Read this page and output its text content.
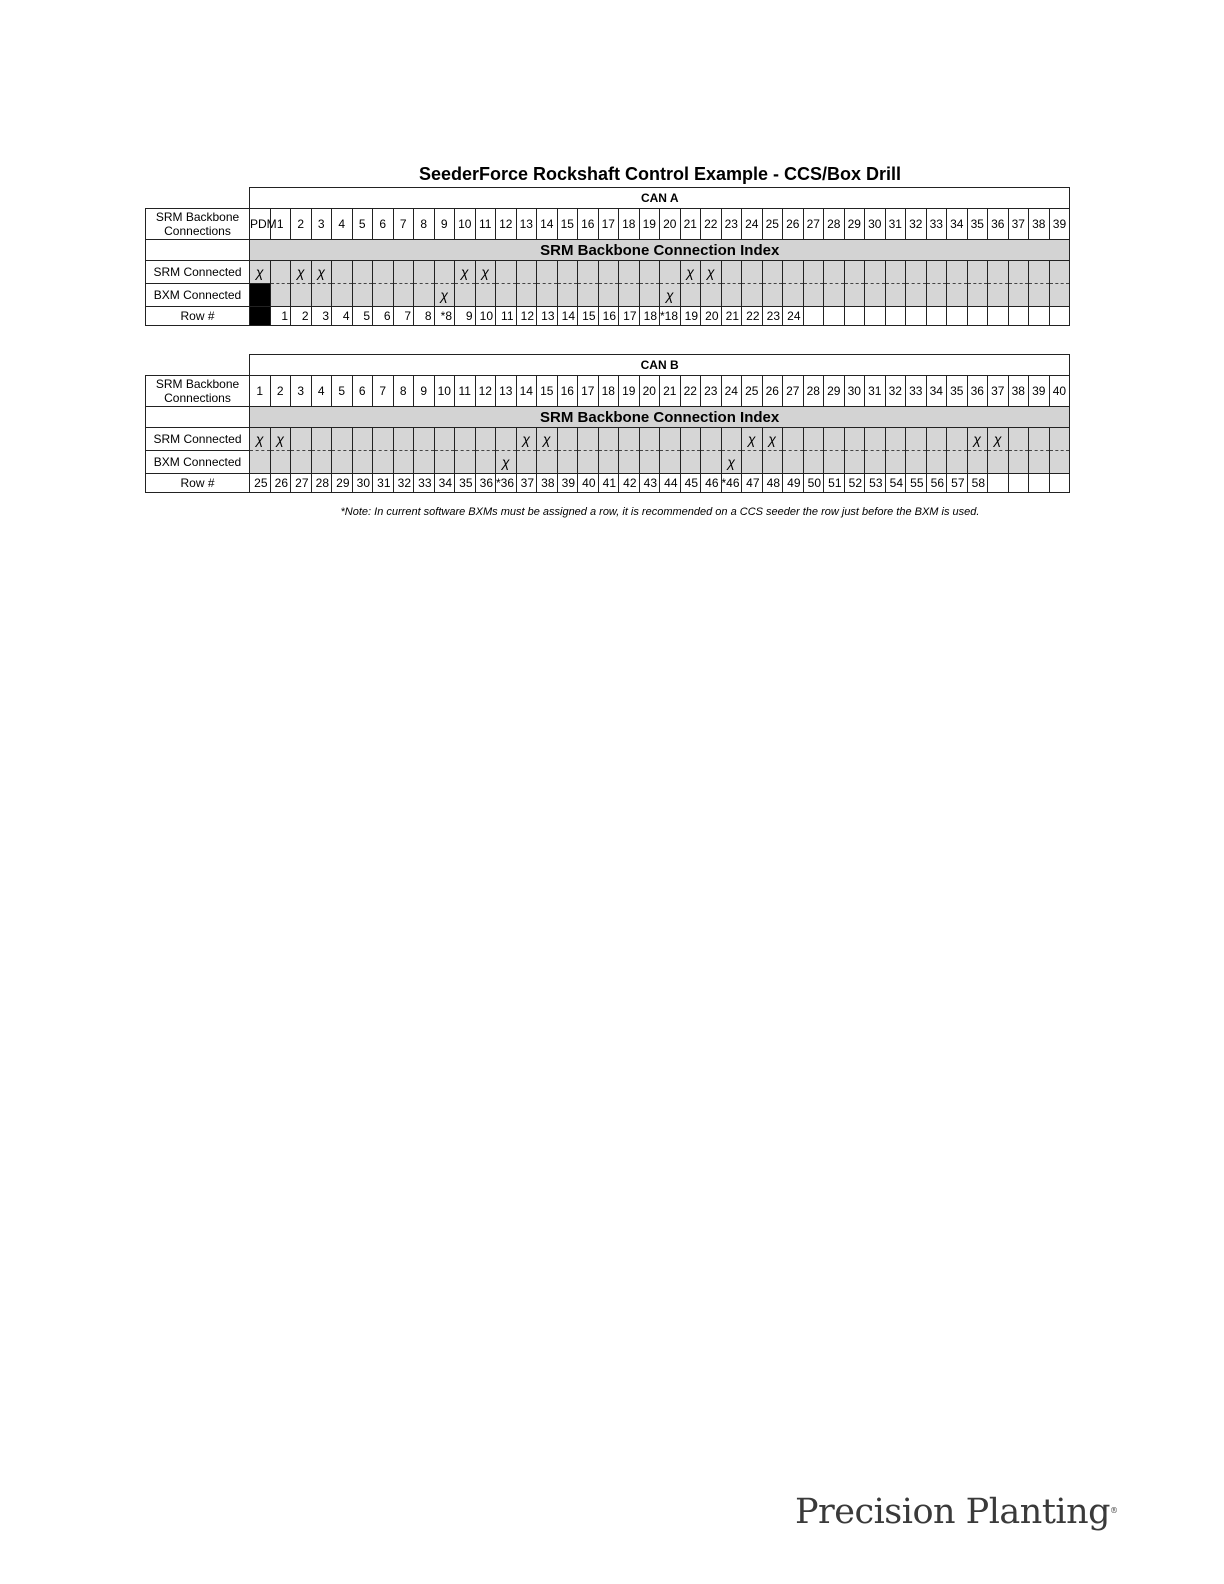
SeederForce Rockshaft Control Example - CCS/Box Drill
	CAN A																																							
SRM Backbone Connections	PDM	1	2	3	4	5	6	7	8	9	10	11	12	13	14	15	16	17	18	19	20	21	22	23	24	25	26	27	28	29	30	31	32	33	34	35	36	37	38	39
	SRM Backbone Connection Index																																							
SRM Connected	χ		χ	χ							χ	χ										χ	χ																	
BXM Connected										χ											χ																			
Row #		1	2	3	4	5	6	7	8	*8	9	10	11	12	13	14	15	16	17	18	*18	19	20	21	22	23	24													
	CAN B																																							
SRM Backbone Connections	1	2	3	4	5	6	7	8	9	10	11	12	13	14	15	16	17	18	19	20	21	22	23	24	25	26	27	28	29	30	31	32	33	34	35	36	37	38	39	40
	SRM Backbone Connection Index																																							
SRM Connected	χ	χ												χ	χ										χ	χ										χ	χ			
BXM Connected													χ											χ																
Row #	25	26	27	28	29	30	31	32	33	34	35	36	*36	37	38	39	40	41	42	43	44	45	46	*46	47	48	49	50	51	52	53	54	55	56	57	58				
*Note: In current software BXMs must be assigned a row, it is recommended on a CCS seeder the row just before the BXM is used.
Precision Planting®
